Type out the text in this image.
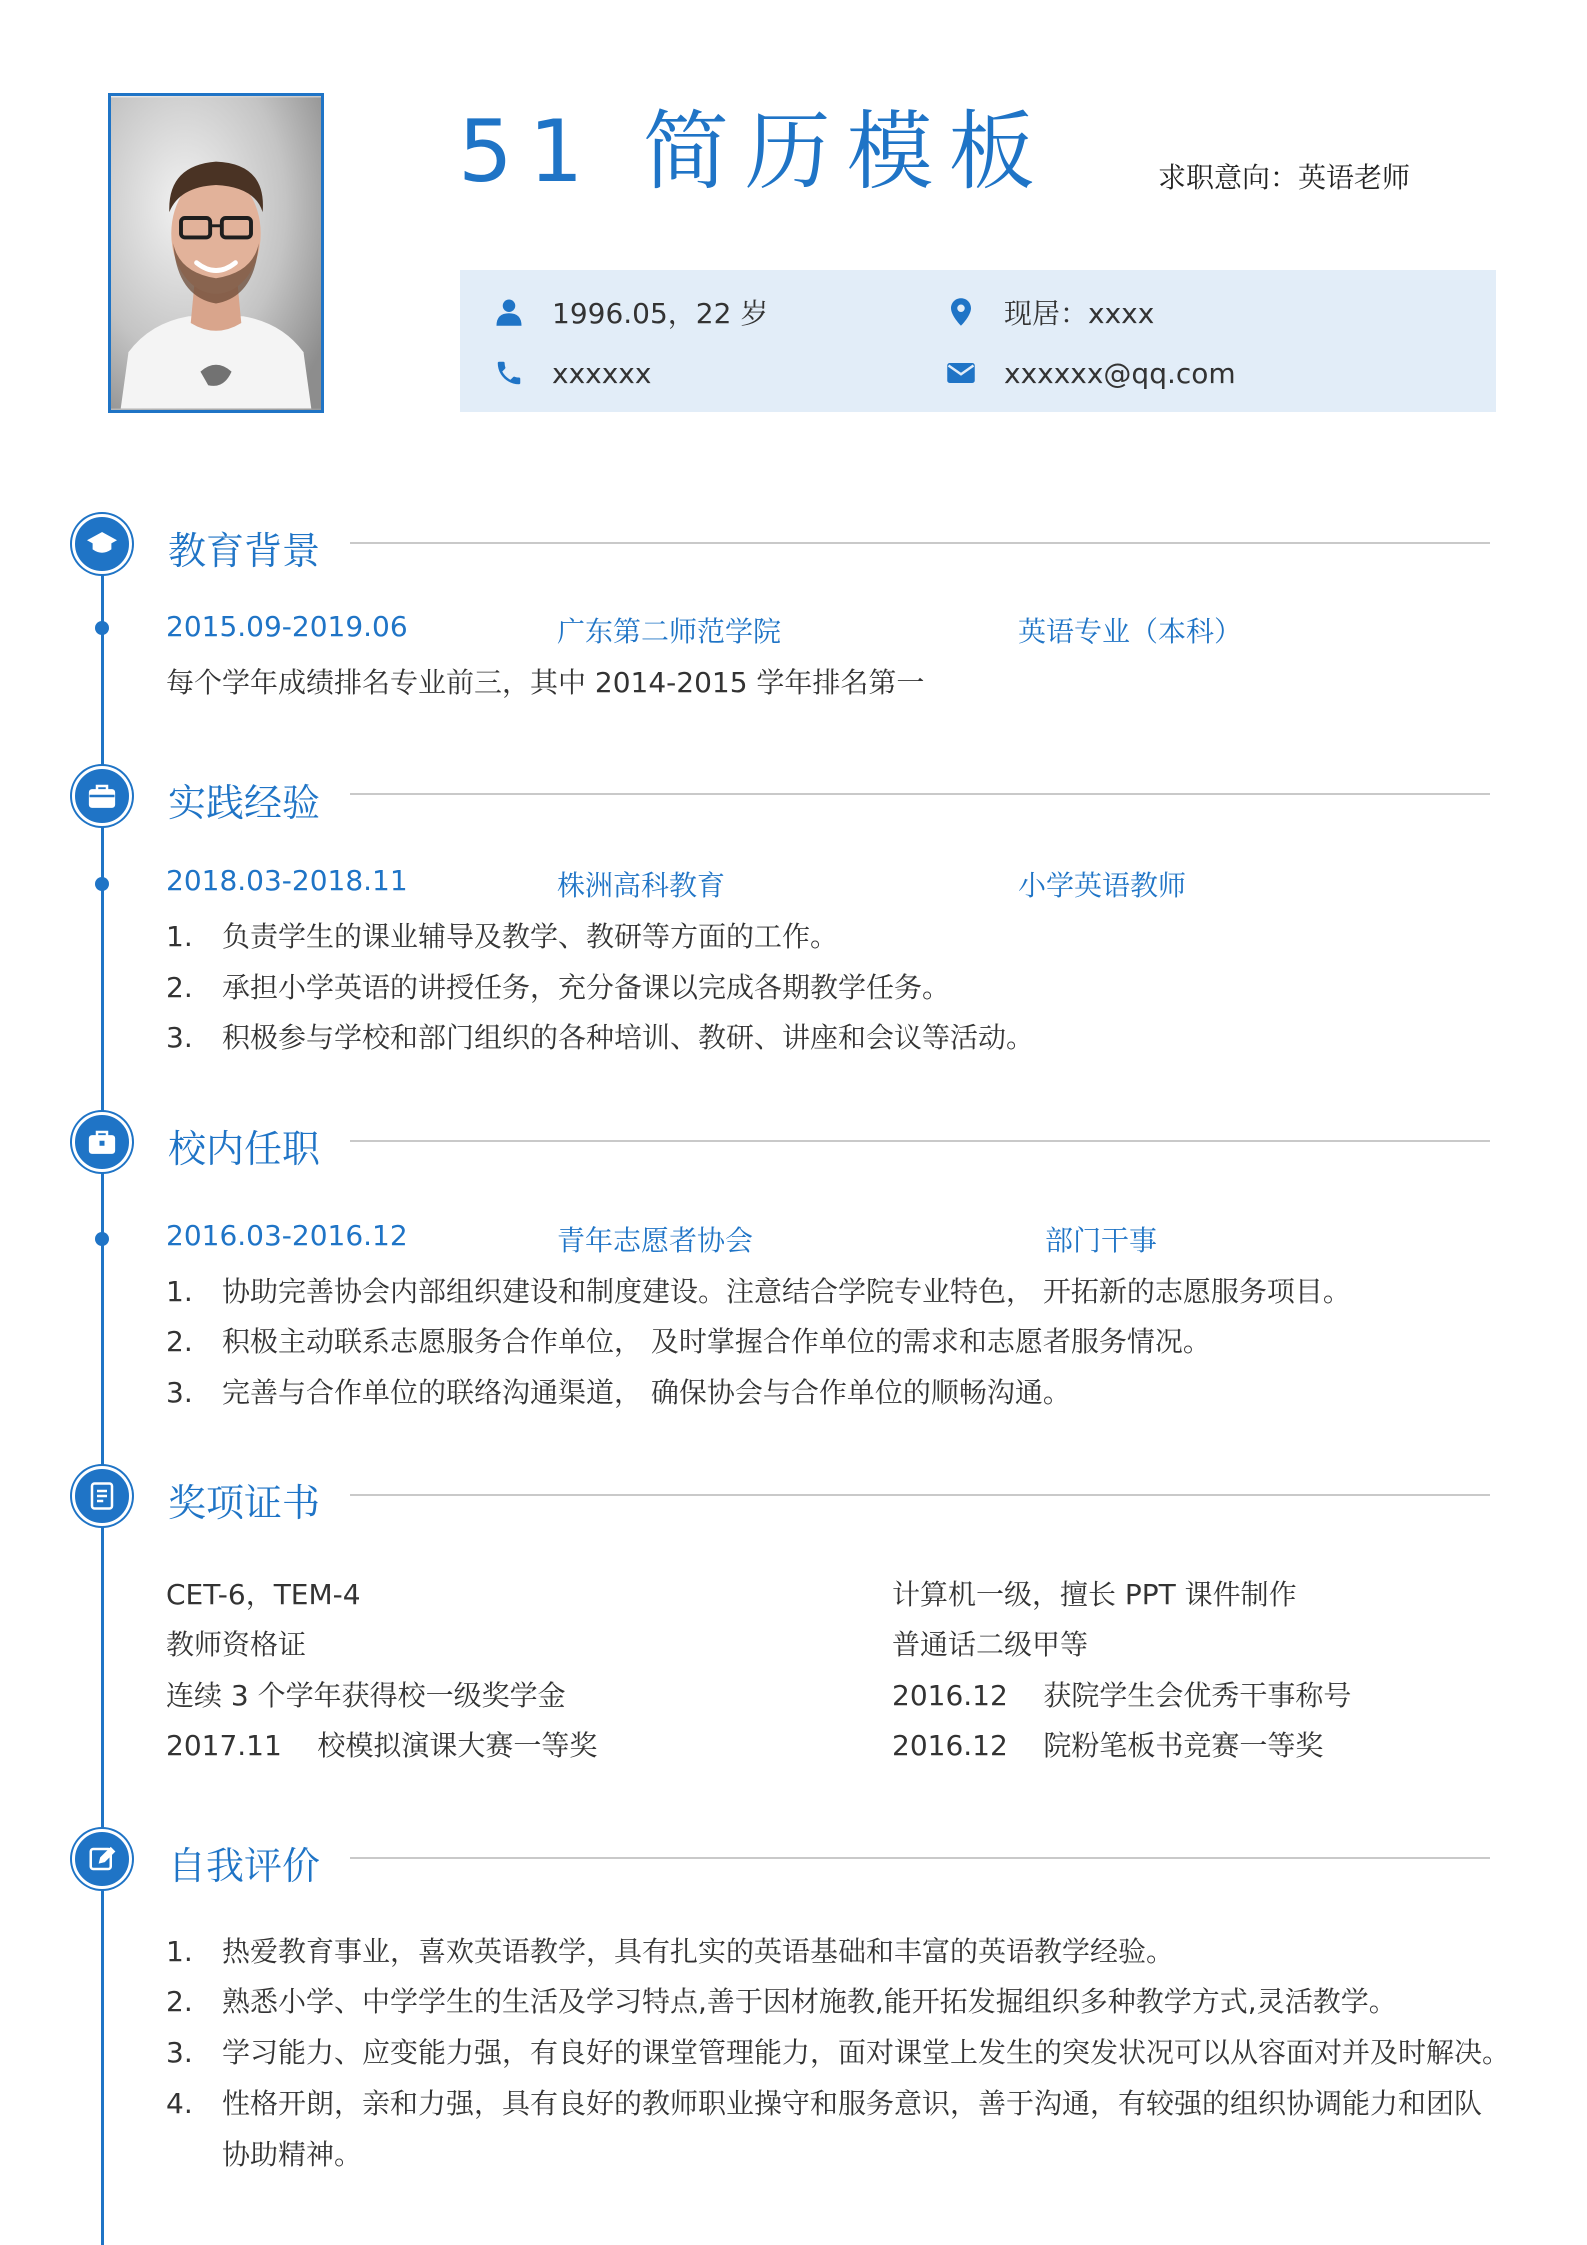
51 简历模板	求职意向：英语老师
1996.05，22 岁	现居：xxxx
xxxxxx	xxxxxx@qq.com
教育背景
2015.09-2019.06	广东第二师范学院	英语专业（本科）
每个学年成绩排名专业前三，其中 2014-2015 学年排名第一
实践经验
2018.03-2018.11	株洲高科教育	小学英语教师
1. 负责学生的课业辅导及教学、教研等方面的工作。
2. 承担小学英语的讲授任务，充分备课以完成各期教学任务。
3. 积极参与学校和部门组织的各种培训、教研、讲座和会议等活动。
校内任职
2016.03-2016.12	青年志愿者协会	部门干事
1. 协助完善协会内部组织建设和制度建设。注意结合学院专业特色， 开拓新的志愿服务项目。
2. 积极主动联系志愿服务合作单位， 及时掌握合作单位的需求和志愿者服务情况。
3. 完善与合作单位的联络沟通渠道， 确保协会与合作单位的顺畅沟通。
奖项证书
CET-6，TEM-4
教师资格证
连续 3 个学年获得校一级奖学金
2017.11    校模拟演课大赛一等奖
计算机一级，擅长 PPT 课件制作
普通话二级甲等
2016.12    获院学生会优秀干事称号
2016.12    院粉笔板书竞赛一等奖
自我评价
1. 热爱教育事业，喜欢英语教学，具有扎实的英语基础和丰富的英语教学经验。
2. 熟悉小学、中学学生的生活及学习特点,善于因材施教,能开拓发掘组织多种教学方式,灵活教学。
3. 学习能力、应变能力强，有良好的课堂管理能力，面对课堂上发生的突发状况可以从容面对并及时解决。
4. 性格开朗，亲和力强，具有良好的教师职业操守和服务意识，善于沟通，有较强的组织协调能力和团队
协助精神。
